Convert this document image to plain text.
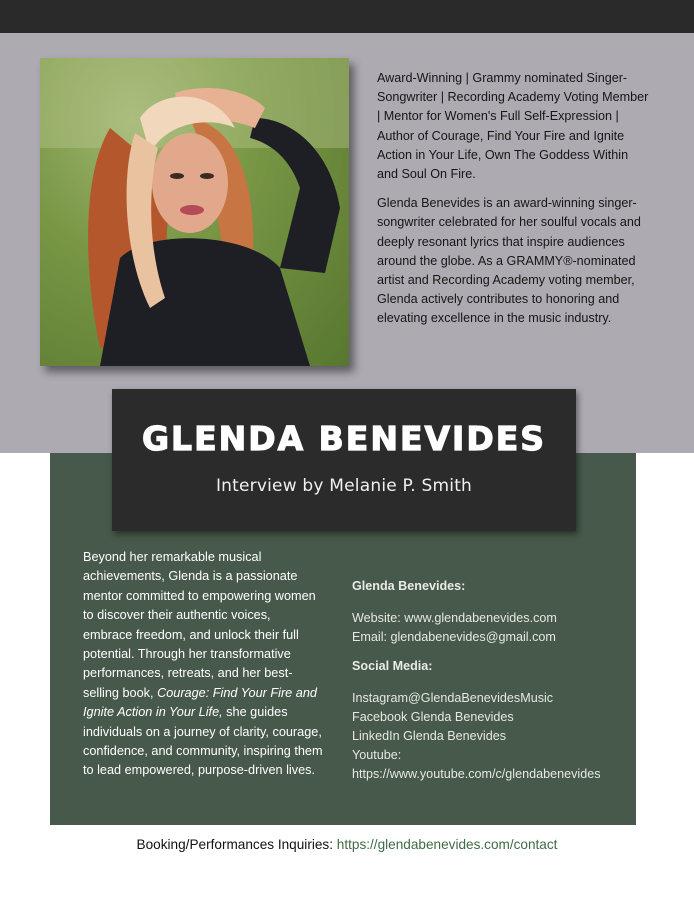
Award-Winning | Grammy nominated Singer-Songwriter | Recording Academy Voting Member | Mentor for Women's Full Self-Expression | Author of Courage, Find Your Fire and Ignite Action in Your Life, Own The Goddess Within and Soul On Fire.

Glenda Benevides is an award-winning singer-songwriter celebrated for her soulful vocals and deeply resonant lyrics that inspire audiences around the globe. As a GRAMMY®-nominated artist and Recording Academy voting member, Glenda actively contributes to honoring and elevating excellence in the music industry.

GLENDA BENEVIDES
Interview by Melanie P. Smith
Beyond her remarkable musical achievements, Glenda is a passionate mentor committed to empowering women to discover their authentic voices, embrace freedom, and unlock their full potential. Through her transformative performances, retreats, and her best-selling book, Courage: Find Your Fire and Ignite Action in Your Life, she guides individuals on a journey of clarity, courage, confidence, and community, inspiring them to lead empowered, purpose-driven lives.
Glenda Benevides:
Website: www.glendabenevides.com
Email: glendabenevides@gmail.com
Social Media:
Instagram@GlendaBenevidesMusic
Facebook Glenda Benevides
LinkedIn Glenda Benevides
Youtube: https://www.youtube.com/c/glendabenevides
Booking/Performances Inquiries: https://glendabenevides.com/contact
